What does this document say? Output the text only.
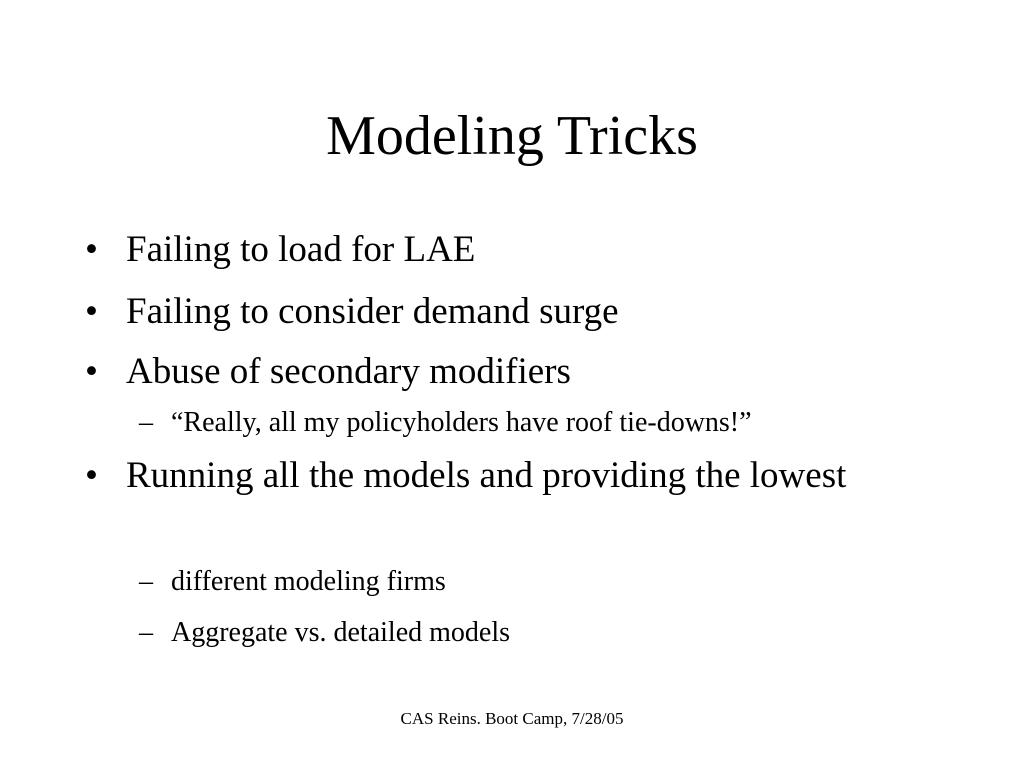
Modeling Tricks
• Failing to load for LAE
• Failing to consider demand surge
• Abuse of secondary modifiers
– “Really, all my policyholders have roof tie-downs!”
• Running all the models and providing the lowest
– different modeling firms
– Aggregate vs. detailed models

CAS Reins. Boot Camp, 7/28/05
